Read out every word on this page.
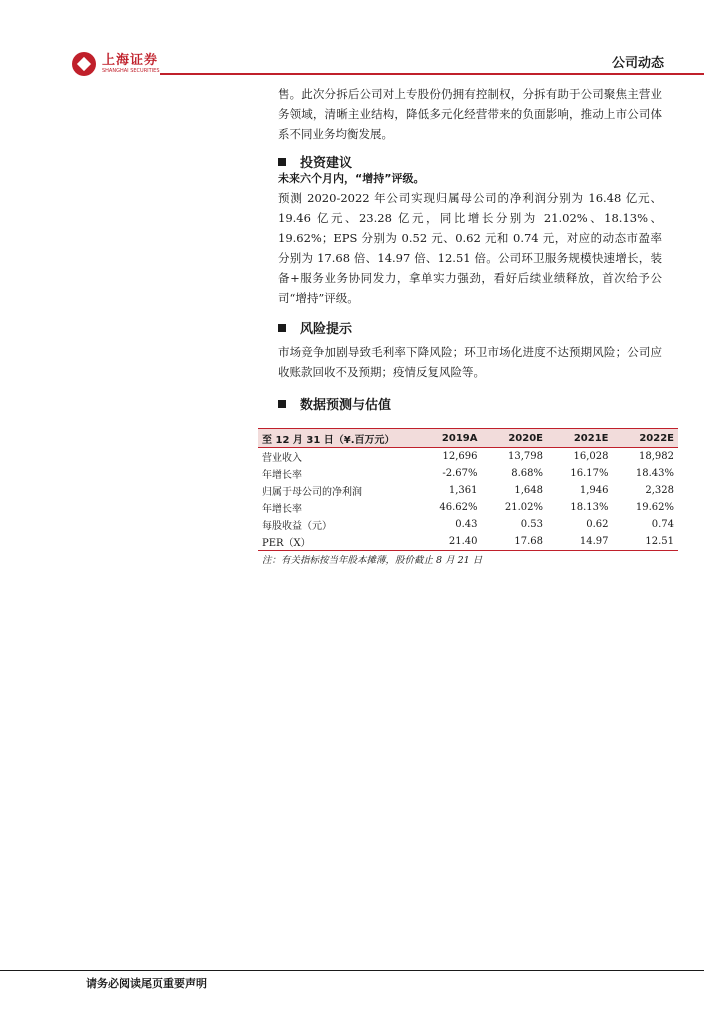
上海证券
SHANGHAI SECURITIES	公司动态

售。此次分拆后公司对上专股份仍拥有控制权，分拆有助于公司聚焦主营业务领域，清晰主业结构，降低多元化经营带来的负面影响，推动上市公司体系不同业务均衡发展。

投资建议

未来六个月内，“增持”评级。

预测 2020-2022 年公司实现归属母公司的净利润分别为 16.48 亿元、19.46 亿元、23.28 亿元，同比增长分别为 21.02%、18.13%、19.62%；EPS 分别为 0.52 元、0.62 元和 0.74 元，对应的动态市盈率分别为 17.68 倍、14.97 倍、12.51 倍。公司环卫服务规模快速增长，装备+服务业务协同发力，拿单实力强劲，看好后续业绩释放，首次给予公司“增持”评级。

风险提示

市场竞争加剧导致毛利率下降风险；环卫市场化进度不达预期风险；公司应收账款回收不及预期；疫情反复风险等。

数据预测与估值
至 12 月 31 日（¥.百万元）	2019A	2020E	2021E	2022E
营业收入	12,696	13,798	16,028	18,982
年增长率	-2.67%	8.68%	16.17%	18.43%
归属于母公司的净利润	1,361	1,648	1,946	2,328
年增长率	46.62%	21.02%	18.13%	19.62%
每股收益（元）	0.43	0.53	0.62	0.74
PER（X）	21.40	17.68	14.97	12.51
注：有关指标按当年股本摊薄，股价截止 8 月 21 日
请务必阅读尾页重要声明
